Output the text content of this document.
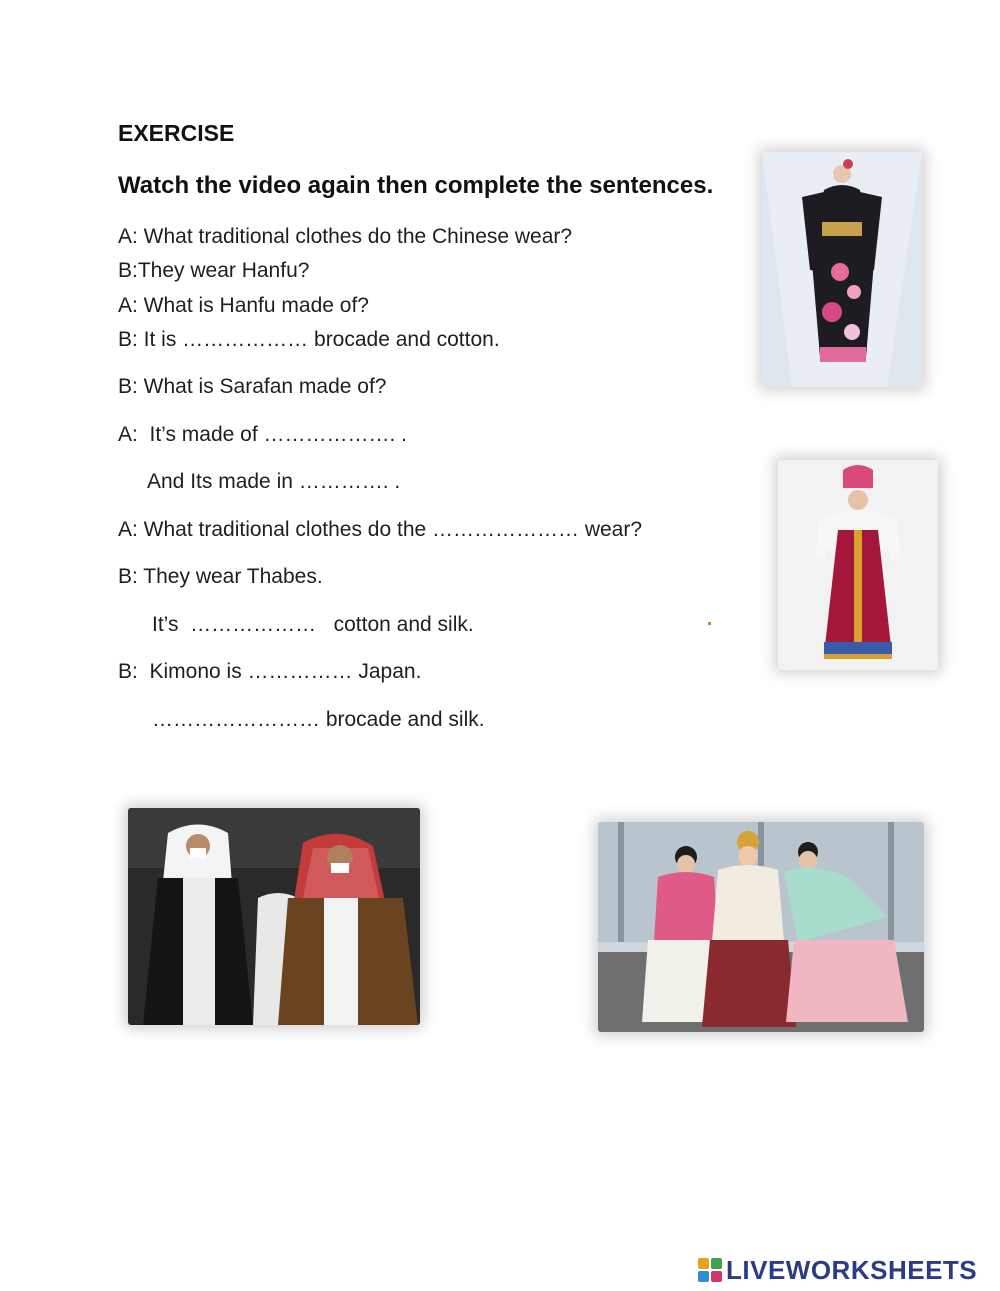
EXERCISE
Watch the video again then complete the sentences.
A: What traditional clothes do the Chinese wear?
B:They wear Hanfu?
A: What is Hanfu made of?
B: It is ……………… brocade and cotton.
B: What is Sarafan made of?
A:  It’s made of ………………. .
And Its made in …………. .
A: What traditional clothes do the ………………… wear?
B: They wear Thabes.
It’s  ………………   cotton and silk.
B:  Kimono is …………… Japan.
…………………… brocade and silk.
LIVEWORKSHEETS
